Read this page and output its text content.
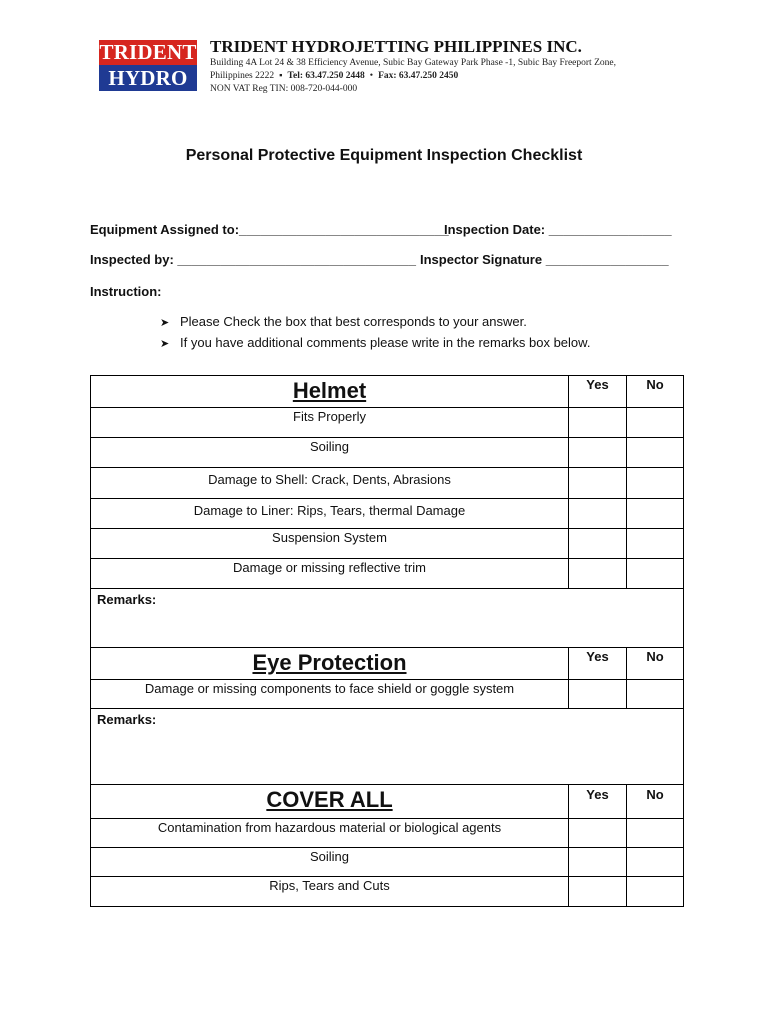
TRIDENT
HYDRO
TRIDENT HYDROJETTING PHILIPPINES INC.
Building 4A Lot 24 & 38 Efficiency Avenue, Subic Bay Gateway Park Phase -1, Subic Bay Freeport Zone,
Philippines 2222 ▪ Tel: 63.47.250 2448 • Fax: 63.47.250 2450
NON VAT Reg TIN: 008-720-044-000
Personal Protective Equipment Inspection Checklist
Equipment Assigned to:_____________________________
Inspection Date: _________________
Inspected by: _________________________________ Inspector Signature _________________
Instruction:
➤ Please Check the box that best corresponds to your answer.
➤ If you have additional comments please write in the remarks box below.
Helmet	Yes	No
Fits Properly		
Soiling		
Damage to Shell: Crack, Dents, Abrasions		
Damage to Liner: Rips, Tears, thermal Damage		
Suspension System		
Damage or missing reflective trim		
Remarks:		
Eye Protection	Yes	No
Damage or missing components to face shield or goggle system		
Remarks:		
COVER ALL	Yes	No
Contamination from hazardous material or biological agents		
Soiling		
Rips, Tears and Cuts		
